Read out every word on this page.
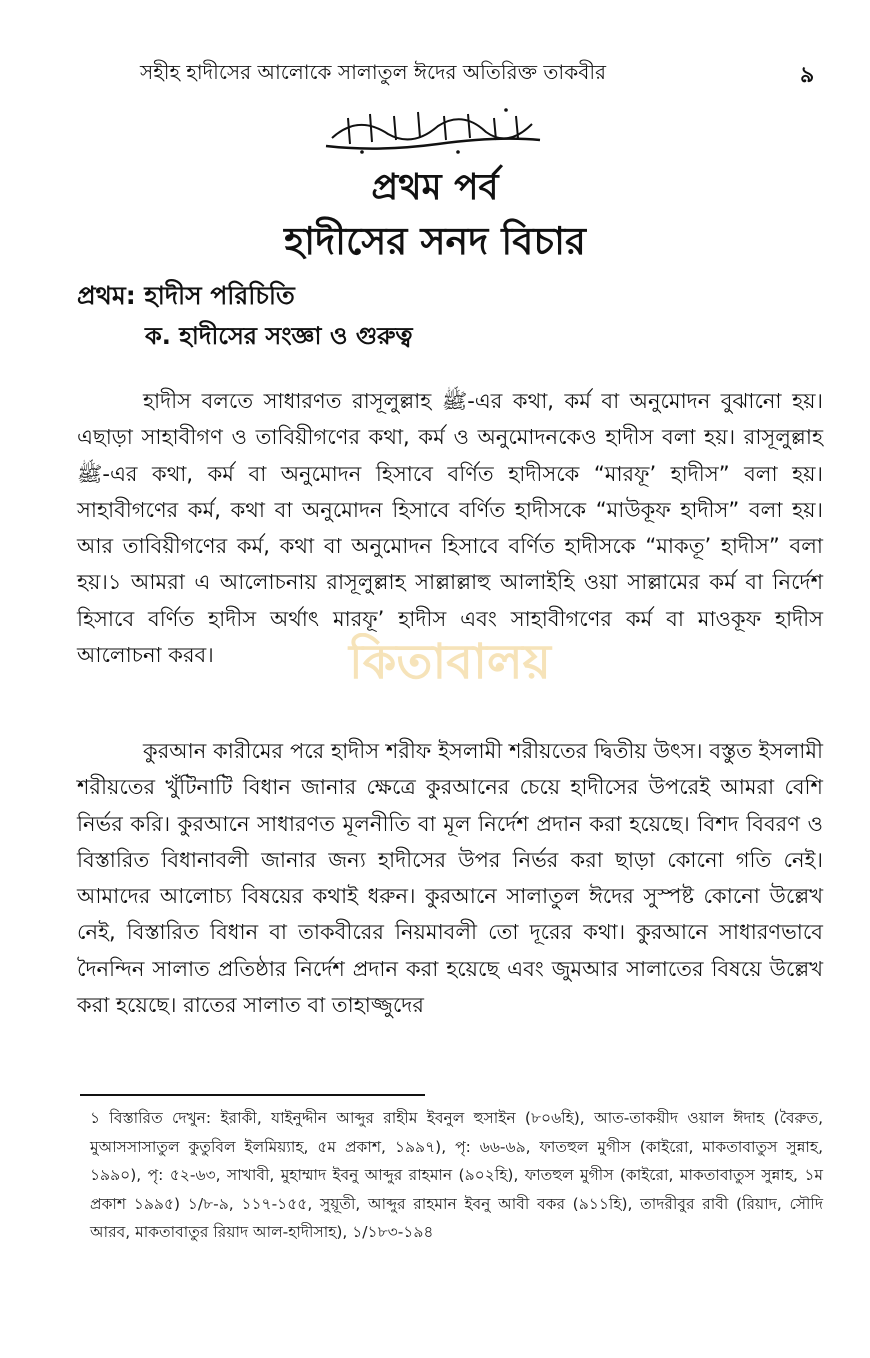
সহীহ হাদীসের আলোকে সালাতুল ঈদের অতিরিক্ত তাকবীর	৯
প্রথম পর্ব
হাদীসের সনদ বিচার
প্রথম: হাদীস পরিচিতি
ক. হাদীসের সংজ্ঞা ও গুরুত্ব

হাদীস বলতে সাধারণত রাসূলুল্লাহ ﷺ-এর কথা, কর্ম বা অনুমোদন বুঝানো হয়। এছাড়া সাহাবীগণ ও তাবিয়ীগণের কথা, কর্ম ও অনুমোদনকেও হাদীস বলা হয়। রাসূলুল্লাহ ﷺ-এর কথা, কর্ম বা অনুমোদন হিসাবে বর্ণিত হাদীসকে “মারফূ’ হাদীস” বলা হয়। সাহাবীগণের কর্ম, কথা বা অনুমোদন হিসাবে বর্ণিত হাদীসকে “মাউকূফ হাদীস” বলা হয়। আর তাবিয়ীগণের কর্ম, কথা বা অনুমোদন হিসাবে বর্ণিত হাদীসকে “মাকতূ’ হাদীস” বলা হয়।১ আমরা এ আলোচনায় রাসূলুল্লাহ সাল্লাল্লাহু আলাইহি ওয়া সাল্লামের কর্ম বা নির্দেশ হিসাবে বর্ণিত হাদীস অর্থাৎ মারফূ’ হাদীস এবং সাহাবীগণের কর্ম বা মাওকূফ হাদীস আলোচনা করব।	কিতাবালয়

কুরআন কারীমের পরে হাদীস শরীফ ইসলামী শরীয়তের দ্বিতীয় উৎস। বস্তুত ইসলামী শরীয়তের খুঁটিনাটি বিধান জানার ক্ষেত্রে কুরআনের চেয়ে হাদীসের উপরেই আমরা বেশি নির্ভর করি। কুরআনে সাধারণত মূলনীতি বা মূল নির্দেশ প্রদান করা হয়েছে। বিশদ বিবরণ ও বিস্তারিত বিধানাবলী জানার জন্য হাদীসের উপর নির্ভর করা ছাড়া কোনো গতি নেই। আমাদের আলোচ্য বিষয়ের কথাই ধরুন। কুরআনে সালাতুল ঈদের সুস্পষ্ট কোনো উল্লেখ নেই, বিস্তারিত বিধান বা তাকবীরের নিয়মাবলী তো দূরের কথা। কুরআনে সাধারণভাবে দৈনন্দিন সালাত প্রতিষ্ঠার নির্দেশ প্রদান করা হয়েছে এবং জুমআর সালাতের বিষয়ে উল্লেখ করা হয়েছে। রাতের সালাত বা তাহাজ্জুদের

১ বিস্তারিত দেখুন: ইরাকী, যাইনুদ্দীন আব্দুর রাহীম ইবনুল হুসাইন (৮০৬হি), আত-তাকয়ীদ ওয়াল ঈদাহ (বৈরুত, মুআসসাসাতুল কুতুবিল ইলমিয়্যাহ, ৫ম প্রকাশ, ১৯৯৭), পৃ: ৬৬-৬৯, ফাতহুল মুগীস (কাইরো, মাকতাবাতুস সুন্নাহ, ১৯৯০), পৃ: ৫২-৬৩, সাখাবী, মুহাম্মাদ ইবনু আব্দুর রাহমান (৯০২হি), ফাতহুল মুগীস (কাইরো, মাকতাবাতুস সুন্নাহ, ১ম প্রকাশ ১৯৯৫) ১/৮-৯, ১১৭-১৫৫, সুয়ূতী, আব্দুর রাহমান ইবনু আবী বকর (৯১১হি), তাদরীবুর রাবী (রিয়াদ, সৌদি আরব, মাকতাবাতুর রিয়াদ আল-হাদীসাহ), ১/১৮৩-১৯৪
